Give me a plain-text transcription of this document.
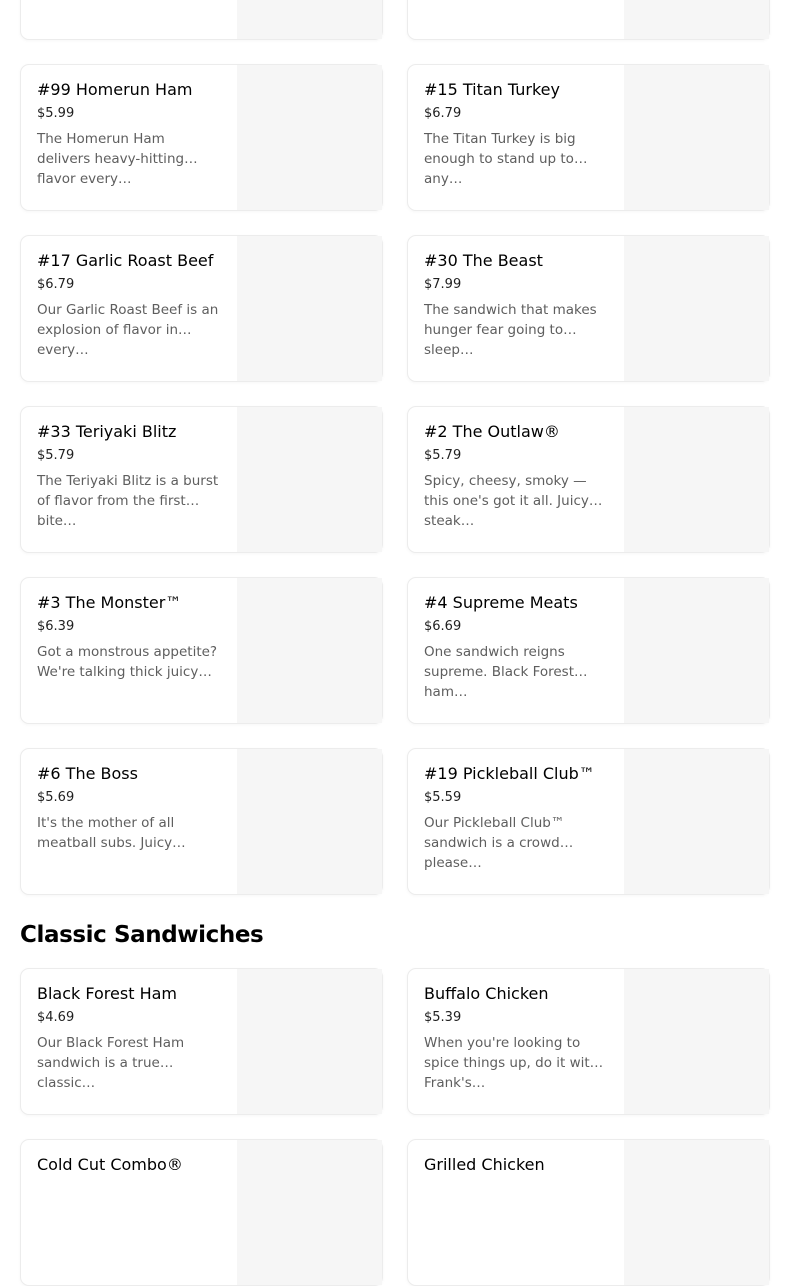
#99 Homerun Ham
$5.99
The Homerun Ham delivers heavy-hitting flavor every…
#15 Titan Turkey
$6.79
The Titan Turkey is big enough to stand up to any…
#17 Garlic Roast Beef
$6.79
Our Garlic Roast Beef is an explosion of flavor in every…
#30 The Beast
$7.99
The sandwich that makes hunger fear going to sleep…
#33 Teriyaki Blitz
$5.79
The Teriyaki Blitz is a burst of flavor from the first bite…
#2 The Outlaw®
$5.79
Spicy, cheesy, smoky — this one's got it all. Juicy steak…
#3 The Monster™
$6.39
Got a monstrous appetite? We're talking thick juicy…
#4 Supreme Meats
$6.69
One sandwich reigns supreme. Black Forest ham…
#6 The Boss
$5.69
It's the mother of all meatball subs. Juicy…
#19 Pickleball Club™
$5.59
Our Pickleball Club™ sandwich is a crowd please…
Classic Sandwiches
Black Forest Ham
$4.69
Our Black Forest Ham sandwich is a true classic…
Buffalo Chicken
$5.39
When you're looking to spice things up, do it with Frank's…
Cold Cut Combo®	Grilled Chicken
